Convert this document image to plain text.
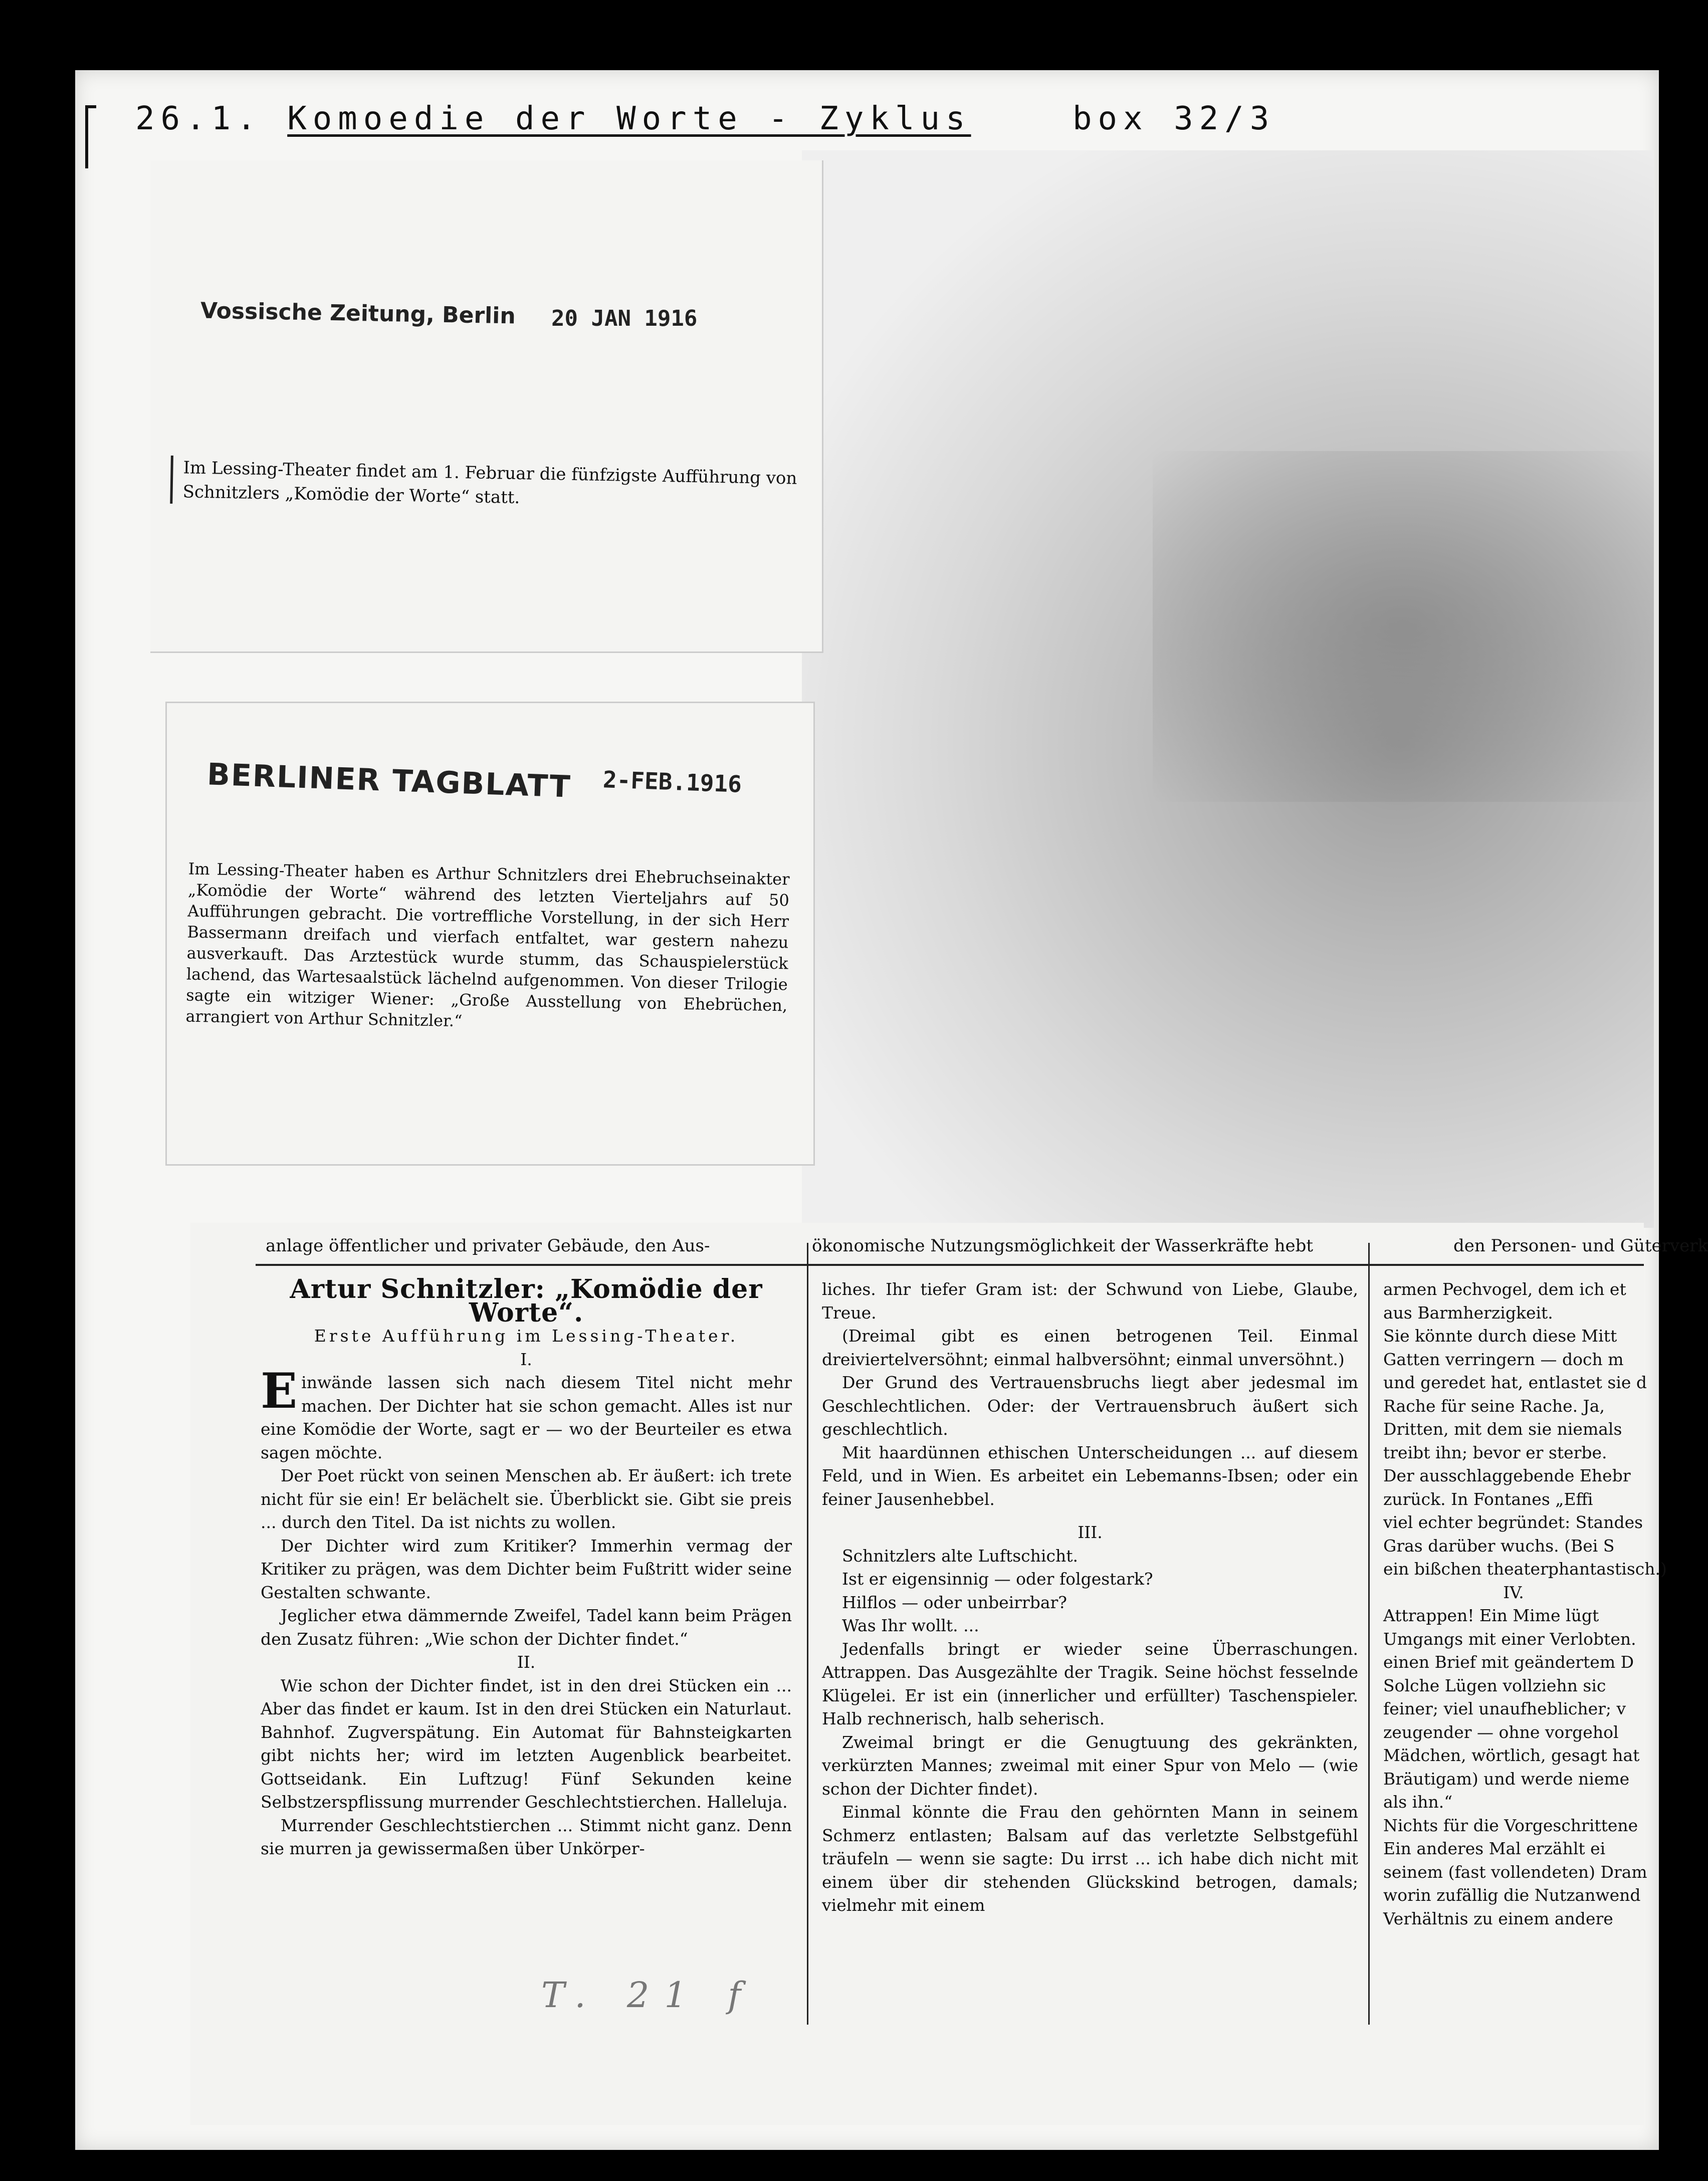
26.1. Komoedie der Worte - Zyklus	box 32/3
Vossische Zeitung, Berlin 20 JAN 1916
Im Lessing-Theater findet am 1. Februar die fünfzigste Aufführung von Schnitzlers „Komödie der Worte“ statt.
BERLINER TAGBLATT 2-FEB.1916
Im Lessing-Theater haben es Arthur Schnitzlers drei Ehebruchseinakter „Komödie der Worte“ während des letzten Vierteljahrs auf 50 Aufführungen gebracht. Die vortreffliche Vorstellung, in der sich Herr Bassermann dreifach und vierfach entfaltet, war gestern nahezu ausverkauft. Das Arztestück wurde stumm, das Schauspielerstück lachend, das Wartesaalstück lächelnd aufgenommen. Von dieser Trilogie sagte ein witziger Wiener: „Große Ausstellung von Ehebrüchen, arrangiert von Arthur Schnitzler.“
anlage öffentlicher und privater Gebäude, den Aus-	ökonomische Nutzungsmöglichkeit der Wasserkräfte hebt	den Personen- und Güterverk

Artur Schnitzler: „Komödie der Worte“.

Erste Aufführung im Lessing-Theater.

I.

Einwände lassen sich nach diesem Titel nicht mehr machen. Der Dichter hat sie schon gemacht. Alles ist nur eine Komödie der Worte, sagt er — wo der Beurteiler es etwa sagen möchte.

Der Poet rückt von seinen Menschen ab. Er äußert: ich trete nicht für sie ein! Er belächelt sie. Überblickt sie. Gibt sie preis ... durch den Titel. Da ist nichts zu wollen.

Der Dichter wird zum Kritiker? Immerhin vermag der Kritiker zu prägen, was dem Dichter beim Fußtritt wider seine Gestalten schwante.

Jeglicher etwa dämmernde Zweifel, Tadel kann beim Prägen den Zusatz führen: „Wie schon der Dichter findet.“

II.

Wie schon der Dichter findet, ist in den drei Stücken ein ... Aber das findet er kaum. Ist in den drei Stücken ein Naturlaut. Bahnhof. Zugverspätung. Ein Automat für Bahnsteigkarten gibt nichts her; wird im letzten Augenblick bearbeitet. Gottseidank. Ein Luftzug! Fünf Sekunden keine Selbstzerspflissung murrender Geschlechtstierchen. Halleluja.

Murrender Geschlechtstierchen ... Stimmt nicht ganz. Denn sie murren ja gewissermaßen über Unkörper-

liches. Ihr tiefer Gram ist: der Schwund von Liebe, Glaube, Treue.

(Dreimal gibt es einen betrogenen Teil. Einmal dreiviertelversöhnt; einmal halbversöhnt; einmal unversöhnt.)

Der Grund des Vertrauensbruchs liegt aber jedesmal im Geschlechtlichen. Oder: der Vertrauensbruch äußert sich geschlechtlich.

Mit haardünnen ethischen Unterscheidungen ... auf diesem Feld, und in Wien. Es arbeitet ein Lebemanns-Ibsen; oder ein feiner Jausenhebbel.

III.

Schnitzlers alte Luftschicht.

Ist er eigensinnig — oder folgestark?

Hilflos — oder unbeirrbar?

Was Ihr wollt. ...

Jedenfalls bringt er wieder seine Überraschungen. Attrappen. Das Ausgezählte der Tragik. Seine höchst fesselnde Klügelei. Er ist ein (innerlicher und erfüllter) Taschenspieler. Halb rechnerisch, halb seherisch.

Zweimal bringt er die Genugtuung des gekränkten, verkürzten Mannes; zweimal mit einer Spur von Melo — (wie schon der Dichter findet).

Einmal könnte die Frau den gehörnten Mann in seinem Schmerz entlasten; Balsam auf das verletzte Selbstgefühl träufeln — wenn sie sagte: Du irrst ... ich habe dich nicht mit einem über dir stehenden Glückskind betrogen, damals; vielmehr mit einem

armen Pechvogel, dem ich et
aus Barmherzigkeit.
Sie könnte durch diese Mitt
Gatten verringern — doch m
und geredet hat, entlastet sie d
Rache für seine Rache. Ja,
Dritten, mit dem sie niemals
treibt ihn; bevor er sterbe.
Der ausschlaggebende Ehebr
zurück. In Fontanes „Effi
viel echter begründet: Standes
Gras darüber wuchs. (Bei S
ein bißchen theaterphantastisch.)

IV.

Attrappen! Ein Mime lügt
Umgangs mit einer Verlobten.
einen Brief mit geändertem D
Solche Lügen vollziehn sic
feiner; viel unaufheblicher; v
zeugender — ohne vorgehol
Mädchen, wörtlich, gesagt hat
Bräutigam) und werde nieme
als ihn.“
Nichts für die Vorgeschrittene
Ein anderes Mal erzählt ei
seinem (fast vollendeten) Dram
worin zufällig die Nutzanwend
Verhältnis zu einem andere
T. 21 f
